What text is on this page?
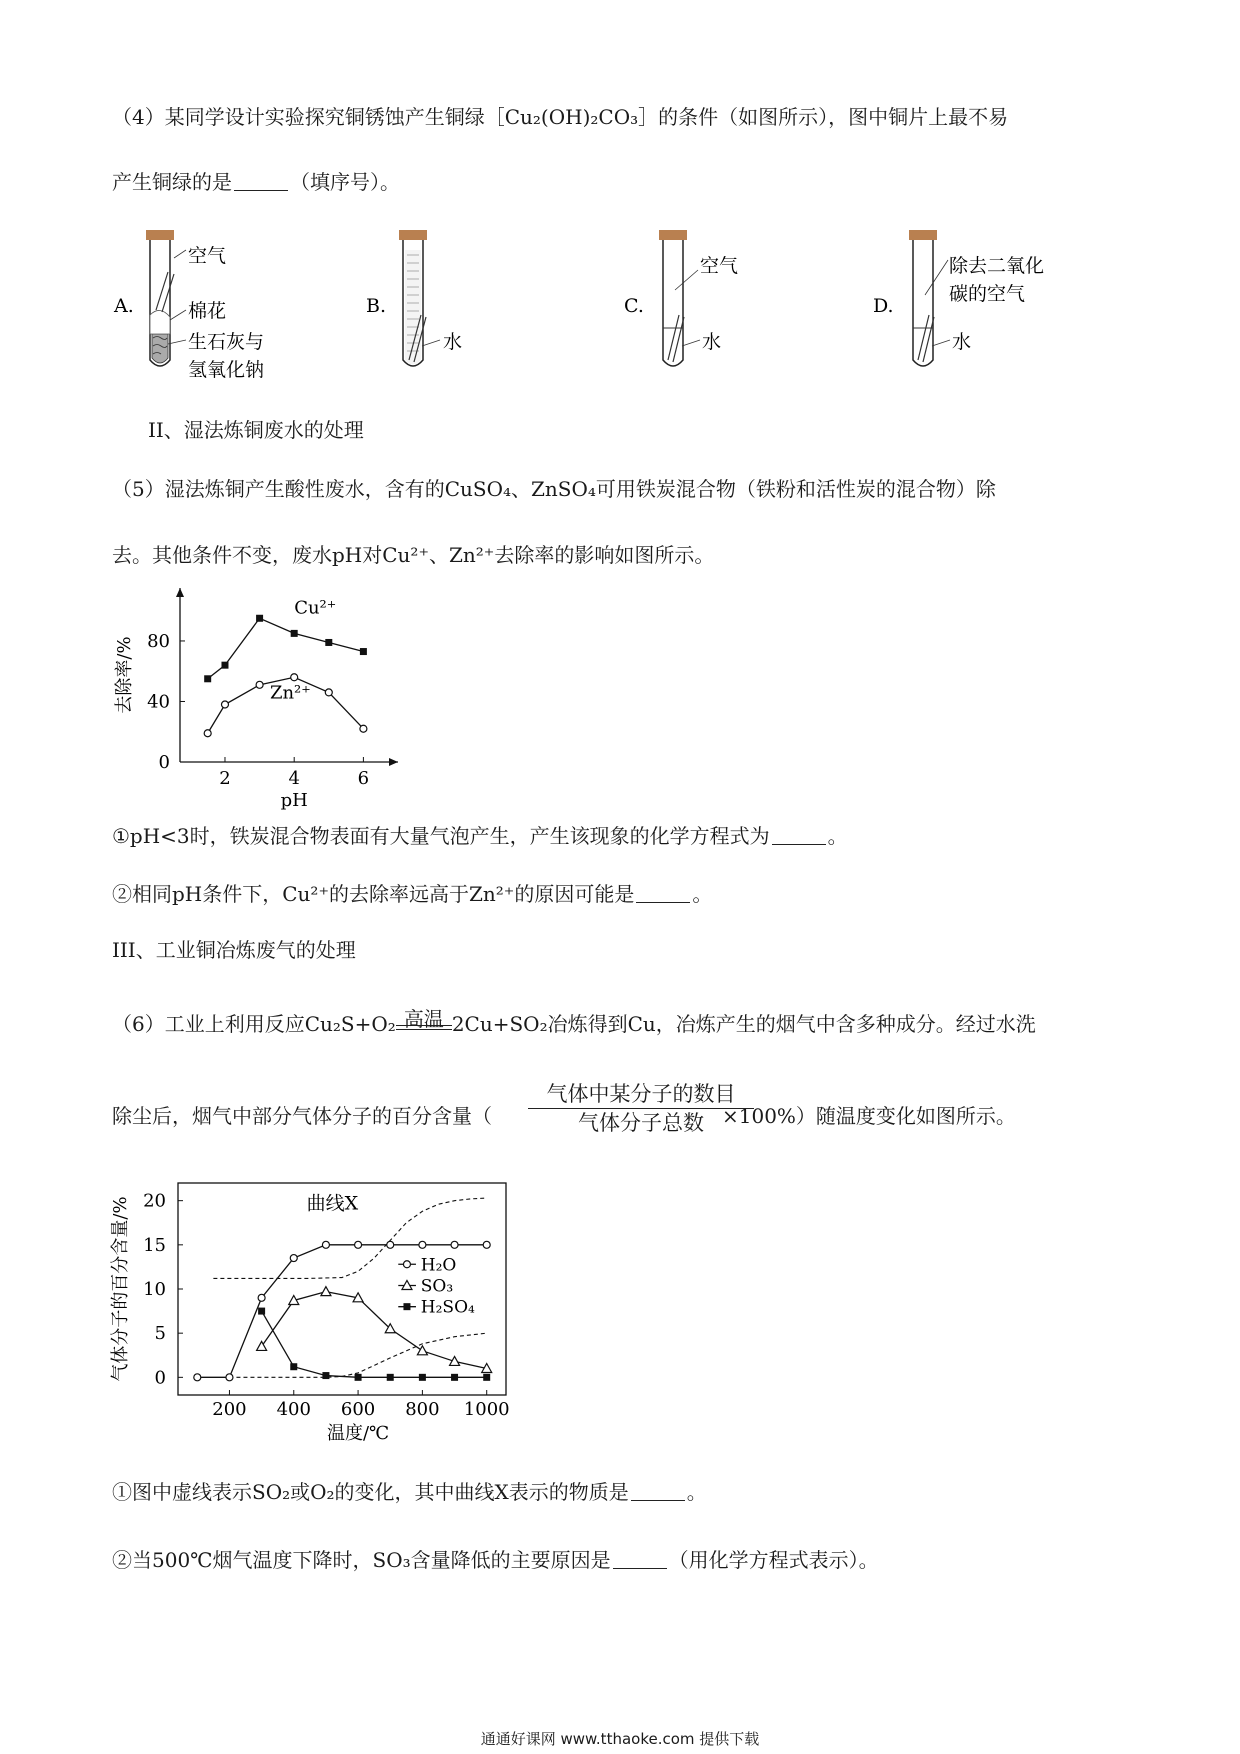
（4）某同学设计实验探究铜锈蚀产生铜绿［Cu₂(OH)₂CO₃］的条件（如图所示），图中铜片上最不易
产生铜绿的是	（填序号）。
A.
空气
棉花
生石灰与
氢氧化钠
B.
水
C.
空气
水
D.
除去二氧化
碳的空气
水
II、湿法炼铜废水的处理
（5）湿法炼铜产生酸性废水，含有的CuSO₄、ZnSO₄可用铁炭混合物（铁粉和活性炭的混合物）除
去。其他条件不变，废水pH对Cu²⁺、Zn²⁺去除率的影响如图所示。
2	4	6
0
40
80
pH
去除率/%
Cu²⁺
Zn²⁺
①pH<3时，铁炭混合物表面有大量气泡产生，产生该现象的化学方程式为	。
②相同pH条件下，Cu²⁺的去除率远高于Zn²⁺的原因可能是	。
III、工业铜冶炼废气的处理
（6）工业上利用反应Cu₂S+O₂ 高温 2Cu+SO₂冶炼得到Cu，冶炼产生的烟气中含多种成分。经过水洗
除尘后，烟气中部分气体分子的百分含量（	×100%）随温度变化如图所示。
气体中某分子的数目
气体分子总数
200 400 600 800 1000
0
5
10
15
20
温度/℃
气体分子的百分含量/%	曲线X
H₂O
SO₃
H₂SO₄
①图中虚线表示SO₂或O₂的变化，其中曲线X表示的物质是	。
②当500℃烟气温度下降时，SO₃含量降低的主要原因是	（用化学方程式表示）。
通通好课网 www.tthaoke.com 提供下载
